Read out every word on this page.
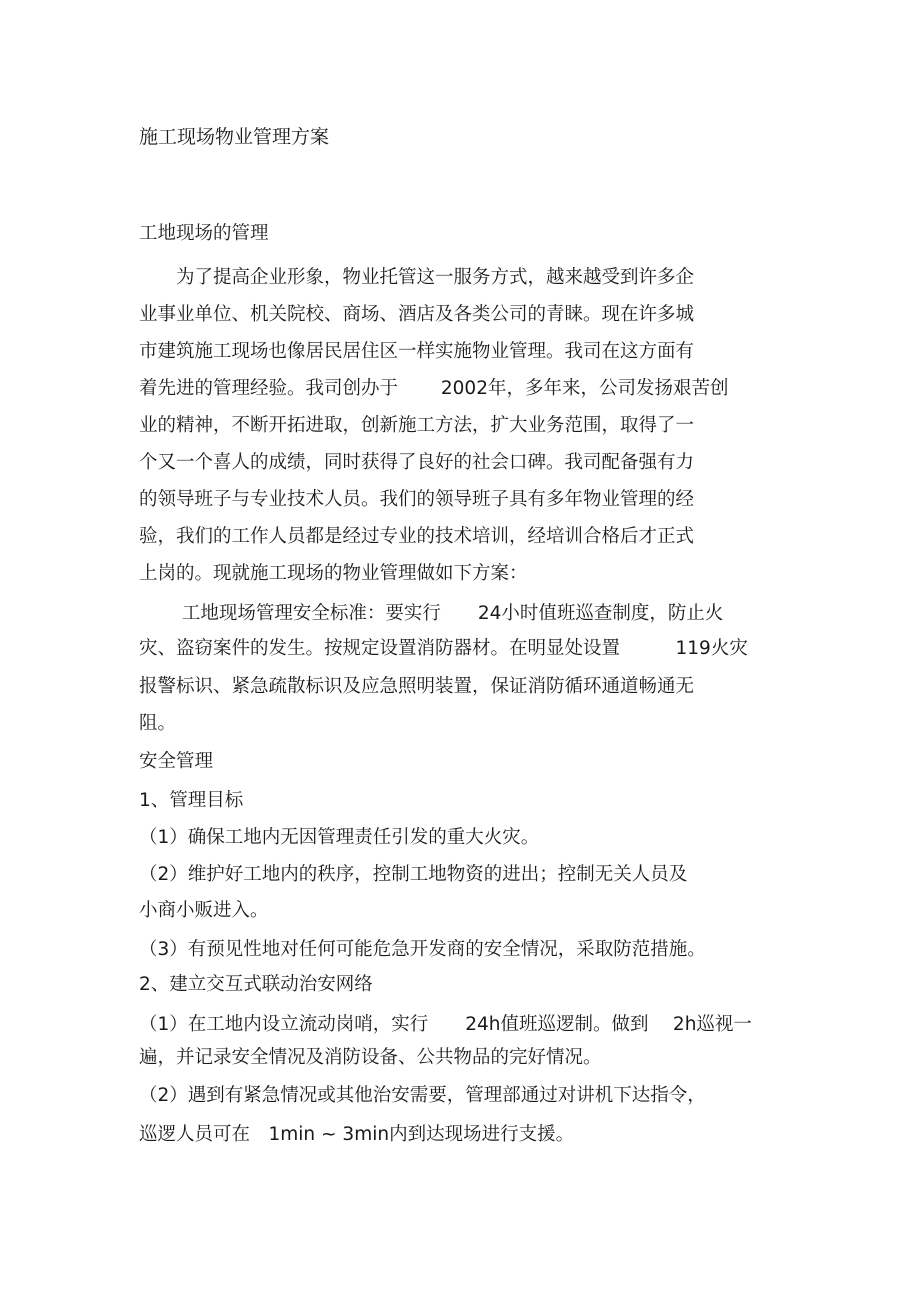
施工现场物业管理方案
工地现场的管理
　　为了提高企业形象，物业托管这一服务方式，越来越受到许多企
业事业单位、机关院校、商场、酒店及各类公司的青睐。现在许多城
市建筑施工现场也像居民居住区一样实施物业管理。我司在这方面有
着先进的管理经验。我司创办于　　 2002年，多年来，公司发扬艰苦创
业的精神，不断开拓进取，创新施工方法，扩大业务范围，取得了一
个又一个喜人的成绩，同时获得了良好的社会口碑。我司配备强有力
的领导班子与专业技术人员。我们的领导班子具有多年物业管理的经
验，我们的工作人员都是经过专业的技术培训，经培训合格后才正式
上岗的。现就施工现场的物业管理做如下方案：
　　 工地现场管理安全标准：要实行　　24小时值班巡查制度，防止火
灾、盗窃案件的发生。按规定设置消防器材。在明显处设置　　　119火灾
报警标识、紧急疏散标识及应急照明装置，保证消防循环通道畅通无
阻。
安全管理
1、管理目标
（1）确保工地内无因管理责任引发的重大火灾。
（2）维护好工地内的秩序，控制工地物资的进出；控制无关人员及
小商小贩进入。
（3）有预见性地对任何可能危急开发商的安全情况，采取防范措施。
2、建立交互式联动治安网络
（1）在工地内设立流动岗哨，实行　　24h值班巡逻制。做到　 2h巡视一
遍，并记录安全情况及消防设备、公共物品的完好情况。
（2）遇到有紧急情况或其他治安需要，管理部通过对讲机下达指令，
巡逻人员可在　1min ~ 3min内到达现场进行支援。
